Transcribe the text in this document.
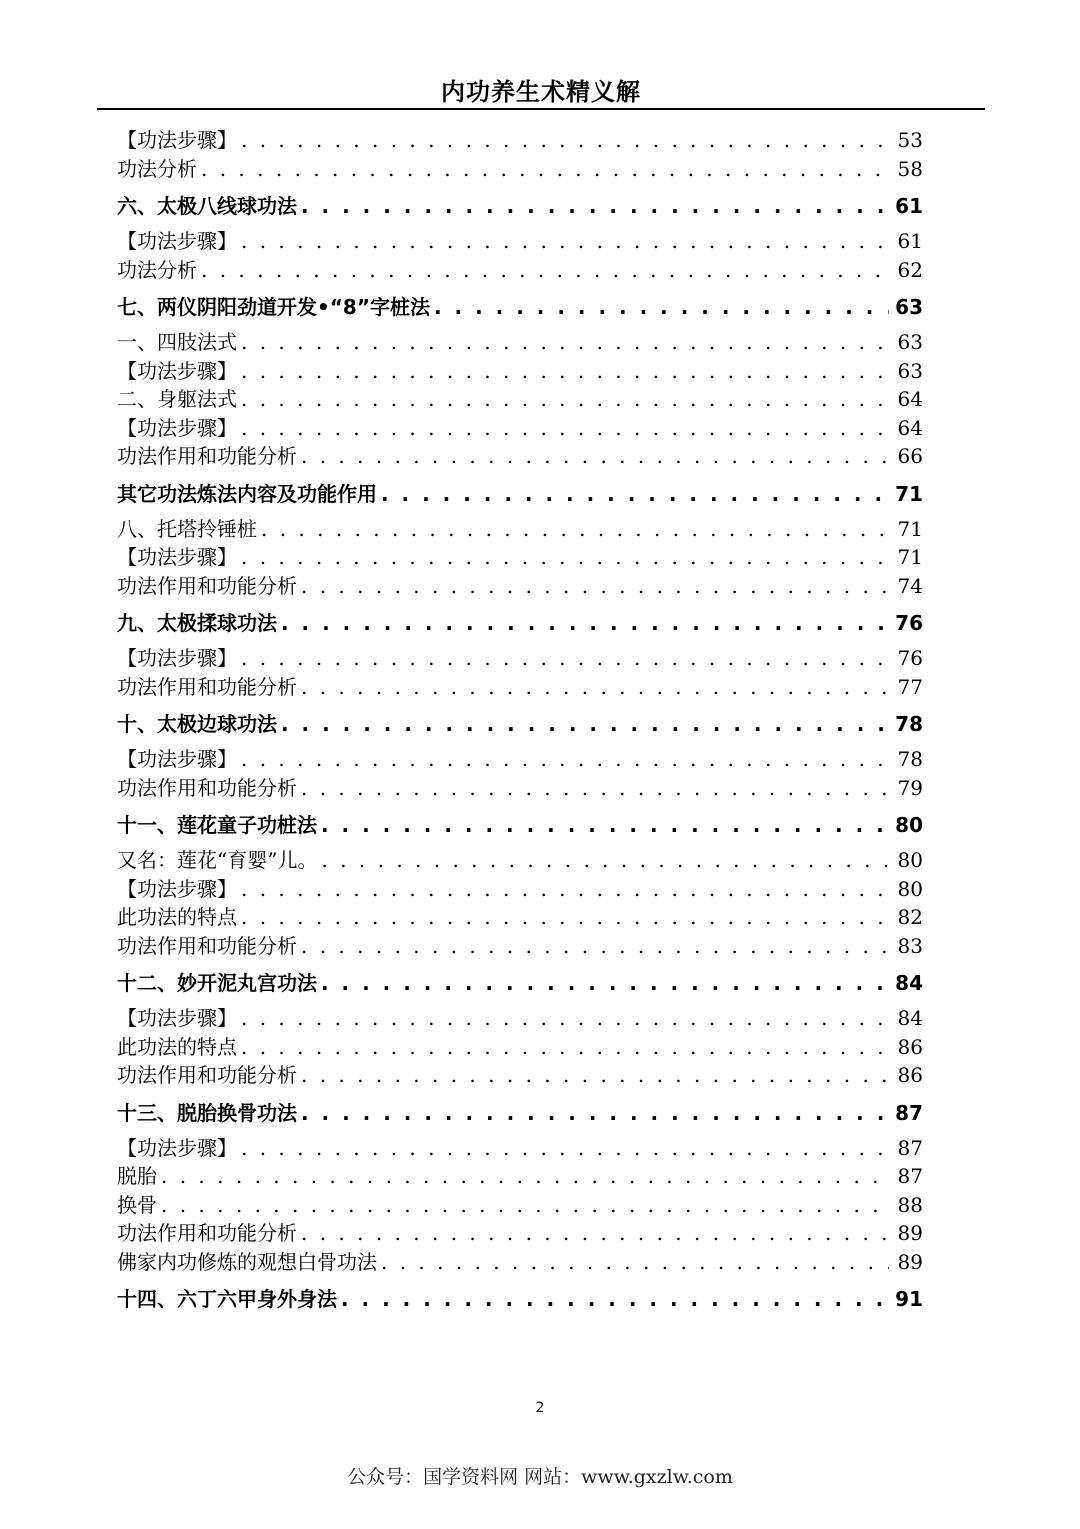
内功养生术精义解
【功法步骤】 . . .	53
功法分析 . . .	58
六、太极八线球功法 . . .	61
【功法步骤】 . . .	61
功法分析 . . .	62
七、两仪阴阳劲道开发•“8”字桩法 . . .	63
一、四肢法式 . . .	63
【功法步骤】 . . .	63
二、身躯法式 . . .	64
【功法步骤】 . . .	64
功法作用和功能分析 . . .	66
其它功法炼法内容及功能作用 . . .	71
八、托塔拎锤桩 . . .	71
【功法步骤】 . . .	71
功法作用和功能分析 . . .	74
九、太极揉球功法 . . .	76
【功法步骤】 . . .	76
功法作用和功能分析 . . .	77
十、太极边球功法 . . .	78
【功法步骤】 . . .	78
功法作用和功能分析 . . .	79
十一、莲花童子功桩法 . . .	80
又名：莲花“育婴”儿。 . . .	80
【功法步骤】 . . .	80
此功法的特点 . . .	82
功法作用和功能分析 . . .	83
十二、妙开泥丸宫功法 . . .	84
【功法步骤】 . . .	84
此功法的特点 . . .	86
功法作用和功能分析 . . .	86
十三、脱胎换骨功法 . . .	87
【功法步骤】 . . .	87
脱胎 . . .	87
换骨 . . .	88
功法作用和功能分析 . . .	89
佛家内功修炼的观想白骨功法 . . .	89
十四、六丁六甲身外身法 . . .	91
2
公众号：国学资料网 网站：www.gxzlw.com
